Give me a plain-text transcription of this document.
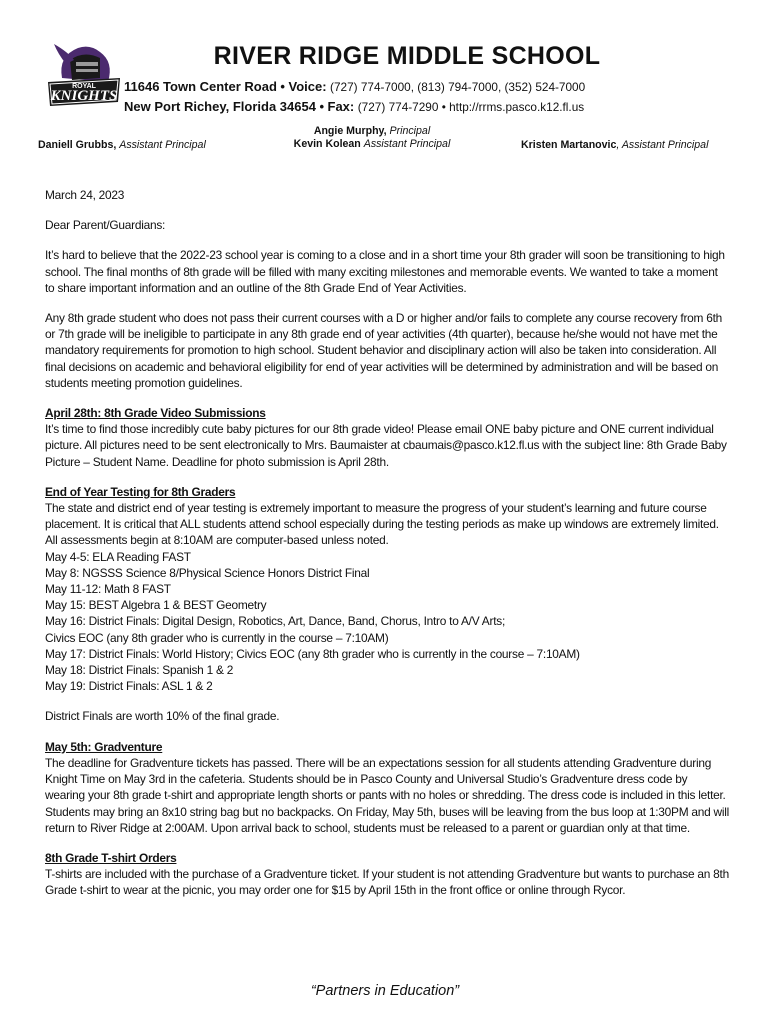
ROYAL
KNIGHTS
RIVER RIDGE MIDDLE SCHOOL
11646 Town Center Road • Voice: (727) 774-7000, (813) 794-7000, (352) 524-7000
New Port Richey, Florida 34654 • Fax: (727) 774-7290 • http://rrms.pasco.k12.fl.us
Daniell Grubbs, Assistant Principal
Angie Murphy, Principal
Kevin Kolean Assistant Principal	Kristen Martanovic, Assistant Principal

March 24, 2023

Dear Parent/Guardians:

It’s hard to believe that the 2022-23 school year is coming to a close and in a short time your 8th grader will soon be transitioning to high school. The final months of 8th grade will be filled with many exciting milestones and memorable events. We wanted to take a moment to share important information and an outline of the 8th Grade End of Year Activities.

Any 8th grade student who does not pass their current courses with a D or higher and/or fails to complete any course recovery from 6th or 7th grade will be ineligible to participate in any 8th grade end of year activities (4th quarter), because he/she would not have met the mandatory requirements for promotion to high school. Student behavior and disciplinary action will also be taken into consideration. All final decisions on academic and behavioral eligibility for end of year activities will be determined by administration and will be based on students meeting promotion guidelines.

April 28th: 8th Grade Video Submissions

It’s time to find those incredibly cute baby pictures for our 8th grade video! Please email ONE baby picture and ONE current individual picture. All pictures need to be sent electronically to Mrs. Baumaister at cbaumais@pasco.k12.fl.us with the subject line: 8th Grade Baby Picture – Student Name. Deadline for photo submission is April 28th.

End of Year Testing for 8th Graders
The state and district end of year testing is extremely important to measure the progress of your student’s learning and future course placement. It is critical that ALL students attend school especially during the testing periods as make up windows are extremely limited. All assessments begin at 8:10AM are computer-based unless noted.
May 4-5: ELA Reading FAST
May 8: NGSSS Science 8/Physical Science Honors District Final
May 11-12: Math 8 FAST
May 15: BEST Algebra 1 & BEST Geometry
May 16: District Finals: Digital Design, Robotics, Art, Dance, Band, Chorus, Intro to A/V Arts;
Civics EOC (any 8th grader who is currently in the course – 7:10AM)
May 17: District Finals: World History; Civics EOC (any 8th grader who is currently in the course – 7:10AM)
May 18: District Finals: Spanish 1 & 2
May 19: District Finals: ASL 1 & 2

District Finals are worth 10% of the final grade.

May 5th: Gradventure

The deadline for Gradventure tickets has passed. There will be an expectations session for all students attending Gradventure during Knight Time on May 3rd in the cafeteria. Students should be in Pasco County and Universal Studio’s Gradventure dress code by wearing your 8th grade t-shirt and appropriate length shorts or pants with no holes or shredding. The dress code is included in this letter. Students may bring an 8x10 string bag but no backpacks. On Friday, May 5th, buses will be leaving from the bus loop at 1:30PM and will return to River Ridge at 2:00AM. Upon arrival back to school, students must be released to a parent or guardian only at that time.

8th Grade T-shirt Orders

T-shirts are included with the purchase of a Gradventure ticket. If your student is not attending Gradventure but wants to purchase an 8th Grade t-shirt to wear at the picnic, you may order one for $15 by April 15th in the front office or online through Rycor.

“Partners in Education”
